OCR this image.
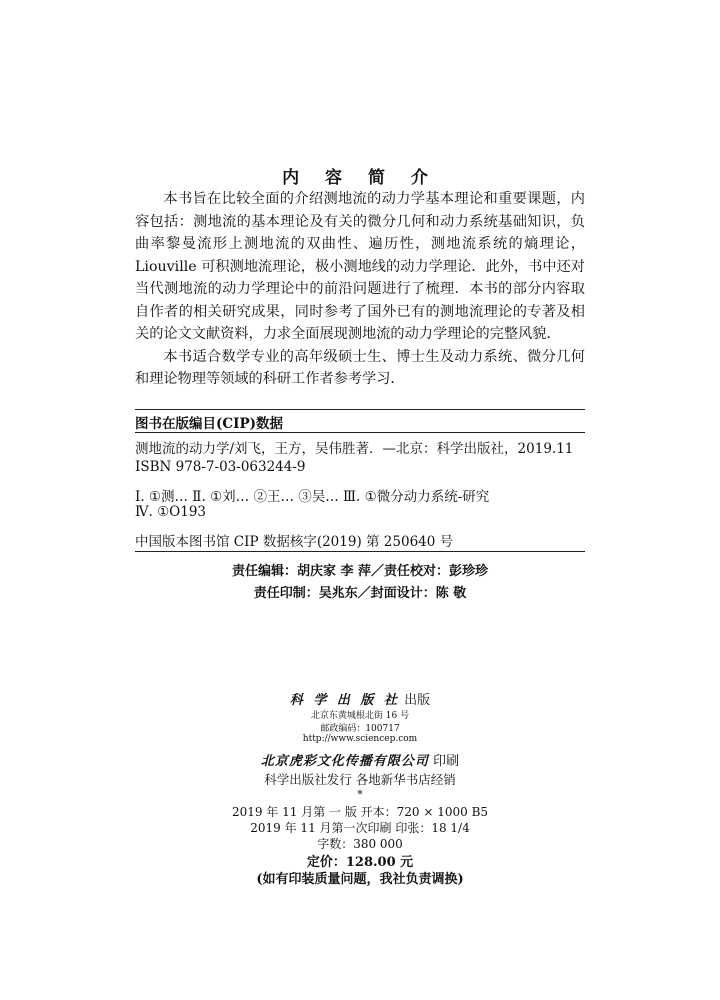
内 容 简 介

本书旨在比较全面的介绍测地流的动力学基本理论和重要课题，内容包括：测地流的基本理论及有关的微分几何和动力系统基础知识，负曲率黎曼流形上测地流的双曲性、遍历性，测地流系统的熵理论，Liouville 可积测地流理论，极小测地线的动力学理论．此外，书中还对当代测地流的动力学理论中的前沿问题进行了梳理．本书的部分内容取自作者的相关研究成果，同时参考了国外已有的测地流理论的专著及相关的论文文献资料，力求全面展现测地流的动力学理论的完整风貌．

本书适合数学专业的高年级硕士生、博士生及动力系统、微分几何和理论物理等领域的科研工作者参考学习．

图书在版编目(CIP)数据
测地流的动力学/刘飞，王方，吴伟胜著．—北京：科学出版社，2019.11
ISBN 978-7-03-063244-9
Ⅰ. ①测… Ⅱ. ①刘… ②王… ③吴… Ⅲ. ①微分动力系统-研究
Ⅳ. ①O193
中国版本图书馆 CIP 数据核字(2019) 第 250640 号
责任编辑：胡庆家 李 萍／责任校对：彭珍珍
责任印制：吴兆东／封面设计：陈 敬
科 学 出 版 社 出版
北京东黄城根北街 16 号
邮政编码：100717
http://www.sciencep.com
北京虎彩文化传播有限公司 印刷
科学出版社发行 各地新华书店经销
*
2019 年 11 月第 一 版 开本：720 × 1000 B5
2019 年 11 月第一次印刷 印张：18 1/4
字数：380 000
定价：128.00 元
(如有印装质量问题，我社负责调换)
